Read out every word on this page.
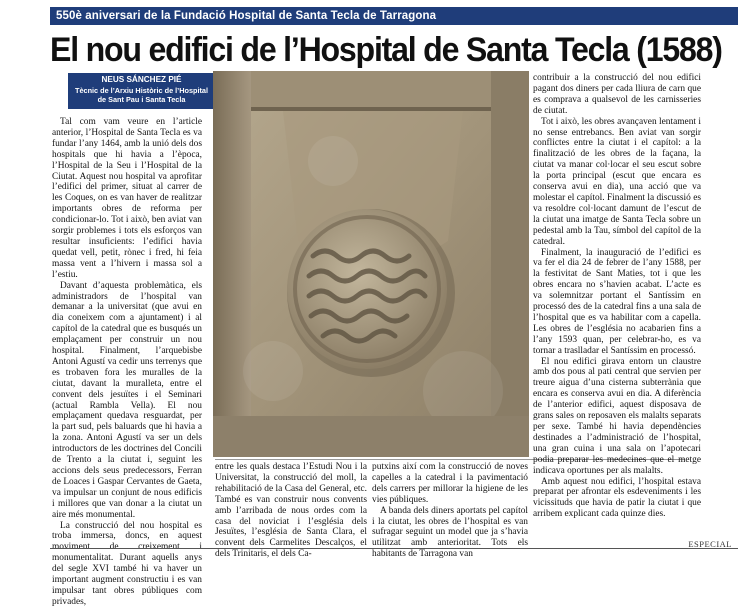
550è aniversari de la Fundació Hospital de Santa Tecla de Tarragona
El nou edifici de l’Hospital de Santa Tecla (1588)
NEUS SÁNCHEZ PIÉ
Tècnic de l’Arxiu Històric de l’Hospital
de Sant Pau i Santa Tecla

Tal com vam veure en l’article anterior, l’Hospital de Santa Tecla es va fundar l’any 1464, amb la unió dels dos hospitals que hi havia a l’època, l’Hospital de la Seu i l’Hospital de la Ciutat. Aquest nou hospital va aprofitar l’edifici del primer, situat al carrer de les Coques, on es van haver de realitzar importants obres de reforma per condicionar-lo. Tot i això, ben aviat van sorgir problemes i tots els esforços van resultar insuficients: l’edifici havia quedat vell, petit, rònec i fred, hi feia massa vent a l’hivern i massa sol a l’estiu.

Davant d’aquesta problemàtica, els administradors de l’hospital van demanar a la universitat (que avui en dia coneixem com a ajuntament) i al capítol de la catedral que es busqués un emplaçament per construir un nou hospital. Finalment, l’arquebisbe Antoni Agustí va cedir uns terrenys que es trobaven fora les muralles de la ciutat, davant la muralleta, entre el convent dels jesuïtes i el Seminari (actual Rambla Vella). El nou emplaçament quedava resguardat, per la part sud, pels baluards que hi havia a la zona. Antoni Agustí va ser un dels introductors de les doctrines del Concili de Trento a la ciutat i, seguint les accions dels seus predecessors, Ferran de Loaces i Gaspar Cervantes de Gaeta, va impulsar un conjunt de nous edificis i millores que van donar a la ciutat un aire més monumental.

La construcció del nou hospital es troba immersa, doncs, en aquest monumentalitat. Durant aquells anys del segle XVI també hi va haver un important augment constructiu i es van impulsar tant obres públiques com privades,

entre les quals destaca l’Estudi Nou i la Universitat, la construcció del moll, la rehabilitació de la Casa del General, etc. També es van construir nous convents amb l’arribada de nous ordes com la casa del noviciat i l’església dels Jesuïtes, l’església de Santa Clara, el convent dels Carmelites Descalços, el dels Trinitaris, el dels Ca-

putxins així com la construcció de noves capelles a la catedral i la pavimentació dels carrers per millorar la higiene de les vies públiques.

A banda dels diners aportats pel capítol i la ciutat, les obres de l’hospital es van sufragar seguint un model que ja s’havia utilitzat amb anterioritat. Tots els habitants de Tarragona van

contribuir a la construcció del nou edifici pagant dos diners per cada lliura de carn que es comprava a qualsevol de les carnisseries de ciutat.

Tot i això, les obres avançaven lentament i no sense entrebancs. Ben aviat van sorgir conflictes entre la ciutat i el capítol: a la finalització de les obres de la façana, la ciutat va manar col·locar el seu escut sobre la porta principal (escut que encara es conserva avui en dia), una acció que va molestar el capítol. Finalment la discussió es va resoldre col·locant damunt de l’escut de la ciutat una imatge de Santa Tecla sobre un pedestal amb la Tau, símbol del capítol de la catedral.

Finalment, la inauguració de l’edifici es va fer el dia 24 de febrer de l’any 1588, per la festivitat de Sant Maties, tot i que les obres encara no s’havien acabat. L’acte es va solemnitzar portant el Santíssim en processó des de la catedral fins a una sala de l’hospital que es va habilitar com a capella. Les obres de l’església no acabarien fins a l’any 1593 quan, per celebrar-ho, es va tornar a traslladar el Santíssim en processó.

El nou edifici girava entorn un claustre amb dos pous al pati central que servien per treure aigua d’una cisterna subterrània que encara es conserva avui en dia. A diferència de l’anterior edifici, aquest disposava de grans sales on reposaven els malalts separats per sexe. També hi havia dependències destinades a l’administració de l’hospital, una gran cuina i una sala on l’apotecari podia preparar les medecines que el metge indicava oportunes per als malalts.

Amb aquest nou edifici, l’hospital estava preparat per afrontar els esdeveniments i les vicissituds que havia de patir la ciutat i que arribem explicant cada quinze dies.

ESPECIAL
